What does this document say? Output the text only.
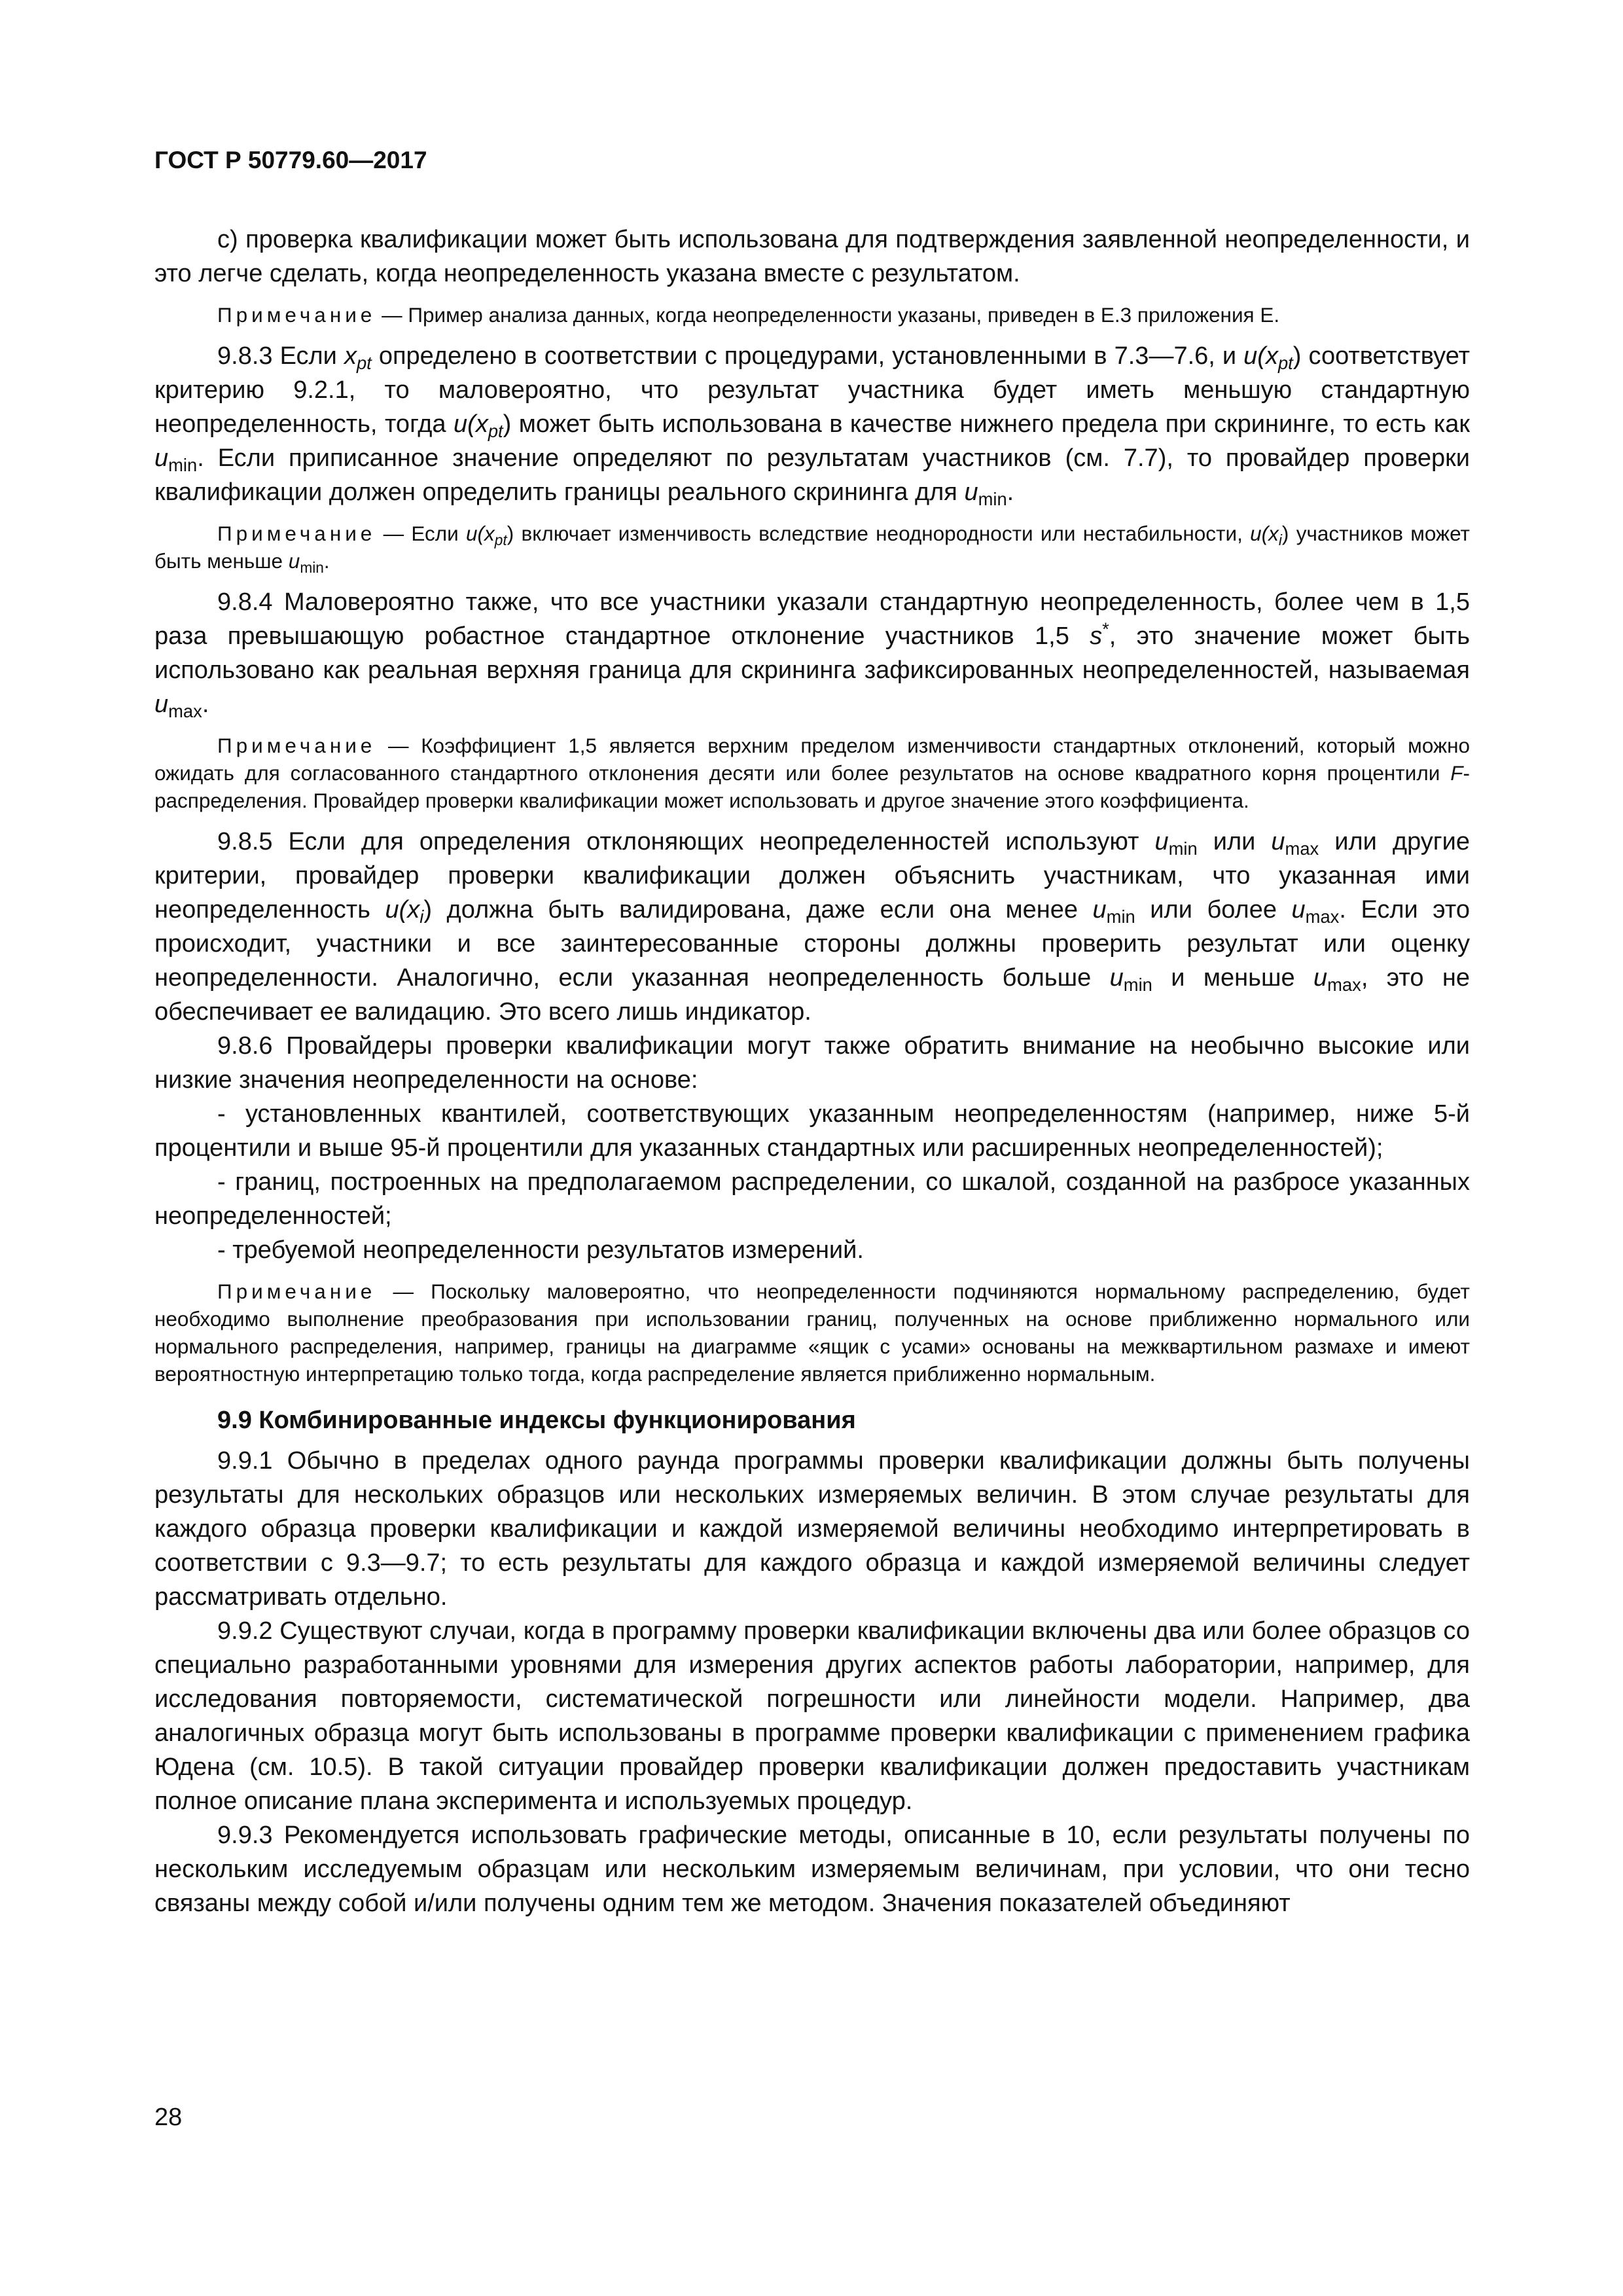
ГОСТ Р 50779.60—2017

c) проверка квалификации может быть использована для подтверждения заявленной неопределенности, и это легче сделать, когда неопределенность указана вместе с результатом.

Примечание — Пример анализа данных, когда неопределенности указаны, приведен в Е.3 приложения Е.

9.8.3 Если $x_{pt}$ определено в соответствии с процедурами, установленными в 7.3—7.6, и $u(x_{pt})$ соответствует критерию 9.2.1, то маловероятно, что результат участника будет иметь меньшую стандартную неопределенность, тогда $u(x_{pt})$ может быть использована в качестве нижнего предела при скрининге, то есть как $u_{min}$. Если приписанное значение определяют по результатам участников (см. 7.7), то провайдер проверки квалификации должен определить границы реального скрининга для $u_{min}$.

Примечание — Если $u(x_{pt})$ включает изменчивость вследствие неоднородности или нестабильности, $u(x_i)$ участников может быть меньше $u_{min}$.

9.8.4 Маловероятно также, что все участники указали стандартную неопределенность, более чем в 1,5 раза превышающую робастное стандартное отклонение участников 1,5 s*, это значение может быть использовано как реальная верхняя граница для скрининга зафиксированных неопределенностей, называемая $u_{max}$.

Примечание — Коэффициент 1,5 является верхним пределом изменчивости стандартных отклонений, который можно ожидать для согласованного стандартного отклонения десяти или более результатов на основе квадратного корня процентили F-распределения. Провайдер проверки квалификации может использовать и другое значение этого коэффициента.

9.8.5 Если для определения отклоняющих неопределенностей используют $u_{min}$ или $u_{max}$ или другие критерии, провайдер проверки квалификации должен объяснить участникам, что указанная ими неопределенность $u(x_i)$ должна быть валидирована, даже если она менее $u_{min}$ или более $u_{max}$. Если это происходит, участники и все заинтересованные стороны должны проверить результат или оценку неопределенности. Аналогично, если указанная неопределенность больше $u_{min}$ и меньше $u_{max}$, это не обеспечивает ее валидацию. Это всего лишь индикатор.

9.8.6 Провайдеры проверки квалификации могут также обратить внимание на необычно высокие или низкие значения неопределенности на основе:

- установленных квантилей, соответствующих указанным неопределенностям (например, ниже 5-й процентили и выше 95-й процентили для указанных стандартных или расширенных неопределенностей);

- границ, построенных на предполагаемом распределении, со шкалой, созданной на разбросе указанных неопределенностей;

- требуемой неопределенности результатов измерений.

Примечание — Поскольку маловероятно, что неопределенности подчиняются нормальному распределению, будет необходимо выполнение преобразования при использовании границ, полученных на основе приближенно нормального или нормального распределения, например, границы на диаграмме «ящик с усами» основаны на межквартильном размахе и имеют вероятностную интерпретацию только тогда, когда распределение является приближенно нормальным.

9.9 Комбинированные индексы функционирования

9.9.1 Обычно в пределах одного раунда программы проверки квалификации должны быть получены результаты для нескольких образцов или нескольких измеряемых величин. В этом случае результаты для каждого образца проверки квалификации и каждой измеряемой величины необходимо интерпретировать в соответствии с 9.3—9.7; то есть результаты для каждого образца и каждой измеряемой величины следует рассматривать отдельно.

9.9.2 Существуют случаи, когда в программу проверки квалификации включены два или более образцов со специально разработанными уровнями для измерения других аспектов работы лаборатории, например, для исследования повторяемости, систематической погрешности или линейности модели. Например, два аналогичных образца могут быть использованы в программе проверки квалификации с применением графика Юдена (см. 10.5). В такой ситуации провайдер проверки квалификации должен предоставить участникам полное описание плана эксперимента и используемых процедур.

9.9.3 Рекомендуется использовать графические методы, описанные в 10, если результаты получены по нескольким исследуемым образцам или нескольким измеряемым величинам, при условии, что они тесно связаны между собой и/или получены одним тем же методом. Значения показателей объединяют

28
